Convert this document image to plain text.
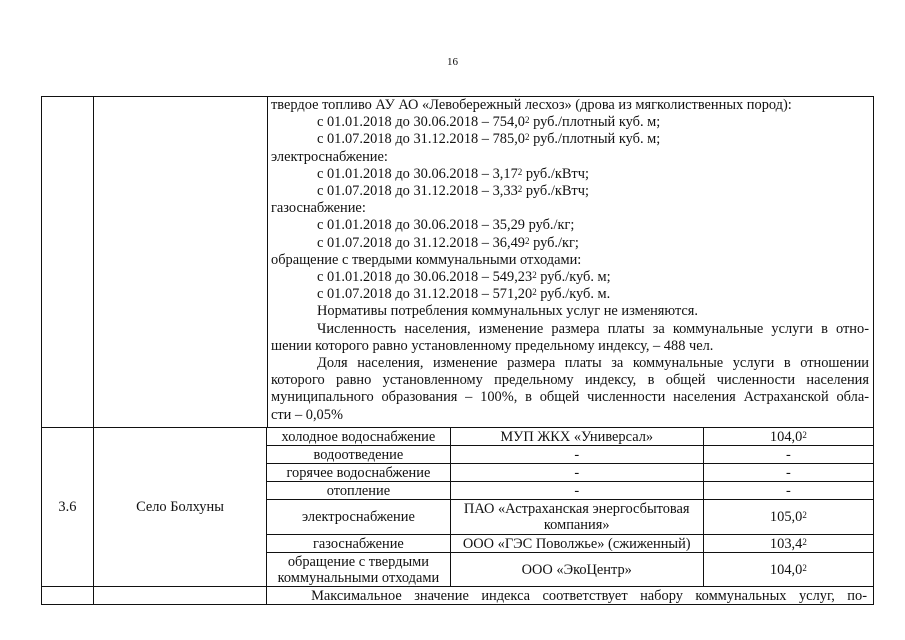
16
твердое топливо АУ АО «Левобережный лесхоз» (дрова из мягколиственных пород):
с 01.01.2018 до 30.06.2018 – 754,0$^2$ руб./плотный куб. м;
с 01.07.2018 до 31.12.2018 – 785,0$^2$ руб./плотный куб. м;
электроснабжение:
с 01.01.2018 до 30.06.2018 – 3,17$^2$ руб./кВтч;
с 01.07.2018 до 31.12.2018 – 3,33$^2$ руб./кВтч;
газоснабжение:
с 01.01.2018 до 30.06.2018 – 35,29 руб./кг;
с 01.07.2018 до 31.12.2018 – 36,49$^2$ руб./кг;
обращение с твердыми коммунальными отходами:
с 01.01.2018 до 30.06.2018 – 549,23$^2$ руб./куб. м;
с 01.07.2018 до 31.12.2018 – 571,20$^2$ руб./куб. м.
Нормативы потребления коммунальных услуг не изменяются.
Численность населения, изменение размера платы за коммунальные услуги в отно-
шении которого равно установленному предельному индексу, – 488 чел.
Доля населения, изменение размера платы за коммунальные услуги в отношении
которого равно установленному предельному индексу, в общей численности населения
муниципального образования – 100%, в общей численности населения Астраханской обла-
сти – 0,05%
3.6	Село Болхуны	холодное водоснабжение	МУП ЖКХ «Универсал»	104,0$^2$
		водоотведение	-	-
		горячее водоснабжение	-	-
		отопление	-	-
		электроснабжение	ПАО «Астраханская энергосбытовая компания»	105,0$^2$
		газоснабжение	ООО «ГЭС Поволжье» (сжиженный)	103,4$^2$
		обращение с твердыми коммунальными отходами	ООО «ЭкоЦентр»	104,0$^2$
		Максимальное значение индекса соответствует набору коммунальных услуг, по-		
